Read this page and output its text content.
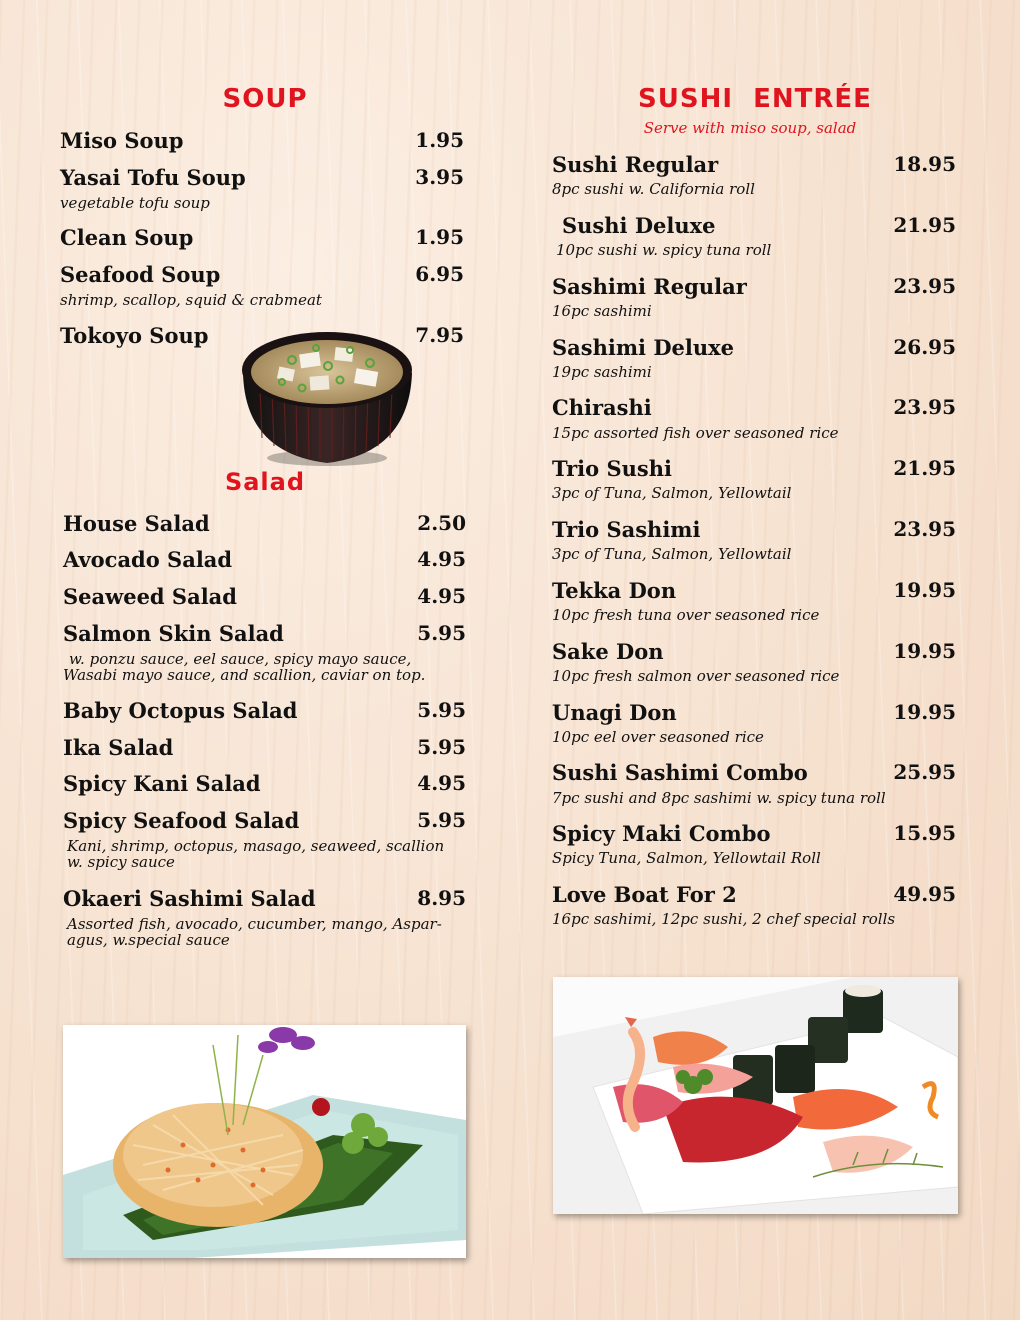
SOUP
Miso Soup	1.95
Yasai Tofu Soup	3.95
vegetable tofu soup
Clean Soup	1.95
Seafood Soup	6.95
shrimp, scallop, squid & crabmeat
Tokoyo Soup	7.95
Salad
House Salad	2.50
Avocado Salad	4.95
Seaweed Salad	4.95
Salmon Skin Salad	5.95
w. ponzu sauce, eel sauce, spicy mayo sauce,
Wasabi mayo sauce, and scallion, caviar on top.
Baby Octopus Salad	5.95
Ika Salad	5.95
Spicy Kani Salad	4.95
Spicy Seafood Salad	5.95
Kani, shrimp, octopus, masago, seaweed, scallion
w. spicy sauce
Okaeri Sashimi Salad	8.95
Assorted fish, avocado, cucumber, mango, Aspar-
agus, w.special sauce
SUSHI  ENTRÉE
Serve with miso soup, salad
Sushi Regular	18.95
8pc sushi w. California roll
Sushi Deluxe	21.95
10pc sushi w. spicy tuna roll
Sashimi Regular	23.95
16pc sashimi
Sashimi Deluxe	26.95
19pc sashimi
Chirashi	23.95
15pc assorted fish over seasoned rice
Trio Sushi	21.95
3pc of Tuna, Salmon, Yellowtail
Trio Sashimi	23.95
3pc of Tuna, Salmon, Yellowtail
Tekka Don	19.95
10pc fresh tuna over seasoned rice
Sake Don	19.95
10pc fresh salmon over seasoned rice
Unagi Don	19.95
10pc eel over seasoned rice
Sushi Sashimi Combo	25.95
7pc sushi and 8pc sashimi w. spicy tuna roll
Spicy Maki Combo	15.95
Spicy Tuna, Salmon, Yellowtail Roll
Love Boat For 2	49.95
16pc sashimi, 12pc sushi, 2 chef special rolls
